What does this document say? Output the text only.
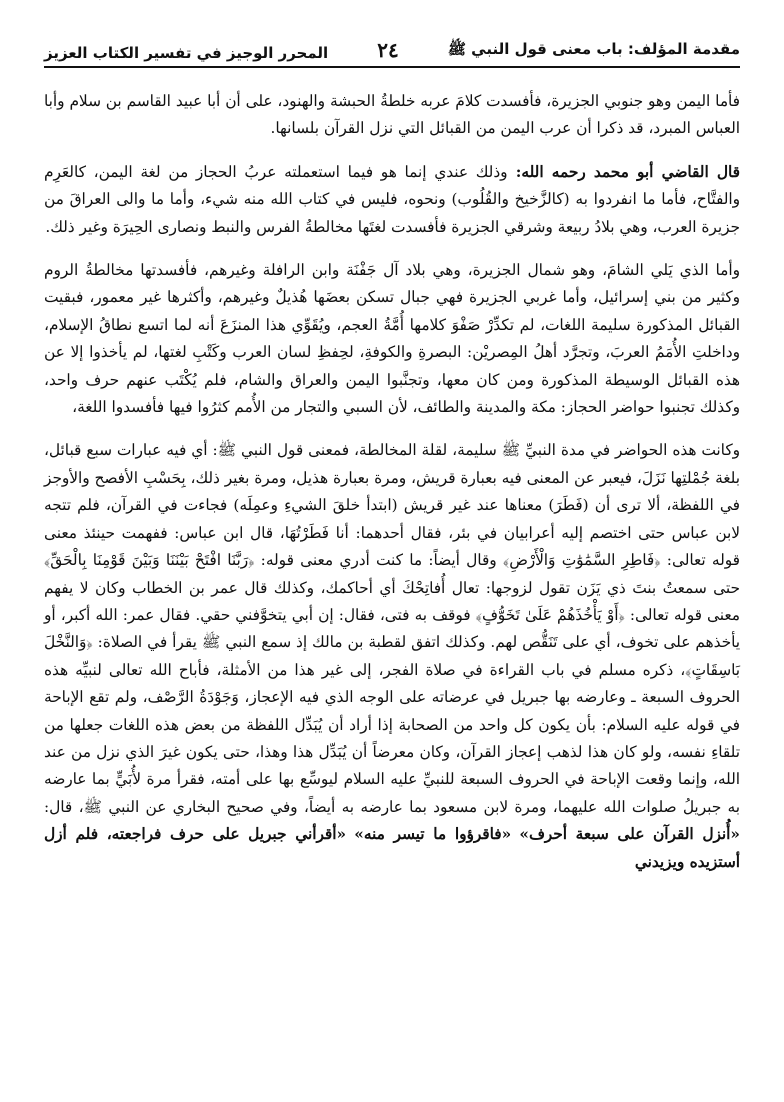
مقدمة المؤلف: باب معنى قول النبي ﷺ
٢٤
المحرر الوجيز في تفسير الكتاب العزيز

فأما اليمن وهو جنوبي الجزيرة، فأفسدت كلامَ عربه خلطةُ الحبشة والهنود، على أن أبا عبيد القاسم بن سلام وأبا العباس المبرد، قد ذكرا أن عرب اليمن من القبائل التي نزل القرآن بلسانها.

قال القاضي أبو محمد رحمه الله: وذلك عندي إنما هو فيما استعملته عربُ الحجاز من لغة اليمن، كالعَرِم والفتَّاح، فأما ما انفردوا به (كالزَّخيخ والقُلُوب) ونحوه، فليس في كتاب الله منه شيء، وأما ما والى العراقَ من جزيرة العرب، وهي بلادُ ربيعة وشرقي الجزيرة فأفسدت لغتَها مخالطةُ الفرس والنبط ونصارى الحِيرَة وغير ذلك.

وأما الذي يَلي الشامَ، وهو شمال الجزيرة، وهي بلاد آل جَفْنَة وابن الرافلة وغيرهم، فأفسدتها مخالطةُ الروم وكثير من بني إسرائيل، وأما غربي الجزيرة فهي جبال تسكن بعضَها هُذيلٌ وغيرهم، وأكثرها غير معمور، فبقيت القبائل المذكورة سليمة اللغات، لم تكدِّرْ صَفْوَ كلامها أُمَّةُ العجم، ويُقَوِّي هذا المنزَعَ أنه لما اتسع نطاقُ الإسلام، وداخلتِ الأُمَمُ العربَ، وتجرَّد أهلُ المِصريْن: البصرةِ والكوفةِ، لحِفظِ لسان العرب وكَتْبِ لغتها، لم يأخذوا إلا عن هذه القبائل الوسيطة المذكورة ومن كان معها، وتجنَّبوا اليمن والعراق والشام، فلم يُكْتَب عنهم حرف واحد، وكذلك تجنبوا حواضر الحجاز: مكة والمدينة والطائف، لأن السبي والتجار من الأُمم كثرُوا فيها فأفسدوا اللغة،

وكانت هذه الحواضر في مدة النبيِّ ﷺ سليمة، لقلة المخالطة، فمعنى قول النبي ﷺ: أي فيه عبارات سبع قبائل، بلغة جُمْلتِها نَزَلَ، فيعبر عن المعنى فيه بعبارة قريش، ومرة بعبارة هذيل، ومرة بغير ذلك، بِحَسْبِ الأفصح والأوجز في اللفظة، ألا ترى أن (فَطَرَ) معناها عند غير قريش (ابتدأ خلقَ الشيءِ وعمِلَه) فجاءت في القرآن، فلم تتجه لابن عباس حتى اختصم إليه أعرابيان في بئر، فقال أحدهما: أنا فَطَرْتُهَا، قال ابن عباس: ففهمت حينئذ معنى قوله تعالى: ﴿فَاطِرِ السَّمَٰوَٰتِ وَالْأَرْضِ﴾ وقال أيضاً: ما كنت أدري معنى قوله: ﴿رَبَّنَا افْتَحْ بَيْنَنَا وَبَيْنَ قَوْمِنَا بِالْحَقِّ﴾ حتى سمعتُ بنتَ ذي يَزَن تقول لزوجها: تعال أُفاتِحْكَ أي أحاكمك، وكذلك قال عمر بن الخطاب وكان لا يفهم معنى قوله تعالى: ﴿أَوْ يَأْخُذَهُمْ عَلَىٰ تَخَوُّفٍ﴾ فوقف به فتى، فقال: إن أبي يتخوَّفني حقي. فقال عمر: الله أكبر، أو يأخذهم على تخوف، أي على تَنَقُّص لهم. وكذلك اتفق لقطبة بن مالك إذ سمع النبي ﷺ يقرأ في الصلاة: ﴿وَالنَّخْلَ بَاسِقَاتٍ﴾، ذكره مسلم في باب القراءة في صلاة الفجر، إلى غير هذا من الأمثلة، فأباح الله تعالى لنبيِّه هذه الحروف السبعة ـ وعارضه بها جبريل في عرضاته على الوجه الذي فيه الإعجاز، وَجَوْدَةُ الرَّصْف، ولم تقع الإباحة في قوله عليه السلام: بأن يكون كل واحد من الصحابة إذا أراد أن يُبَدِّل اللفظة من بعض هذه اللغات جعلها من تلقاءِ نفسه، ولو كان هذا لذهب إعجاز القرآن، وكان معرضاً أن يُبَدِّل هذا وهذا، حتى يكون غيرَ الذي نزل من عند الله، وإنما وقعت الإباحة في الحروف السبعة للنبيِّ عليه السلام ليوسِّع بها على أمته، فقرأ مرة لأُبَيٍّ بما عارضه به جبريلُ صلوات الله عليهما، ومرة لابن مسعود بما عارضه به أيضاً، وفي صحيح البخاري عن النبي ﷺ، قال: «أُنزل القرآن على سبعة أحرف» «فاقرؤوا ما تيسر منه» «أقرأني جبريل على حرف فراجعته، فلم أزل أستزيده ويزيدني
